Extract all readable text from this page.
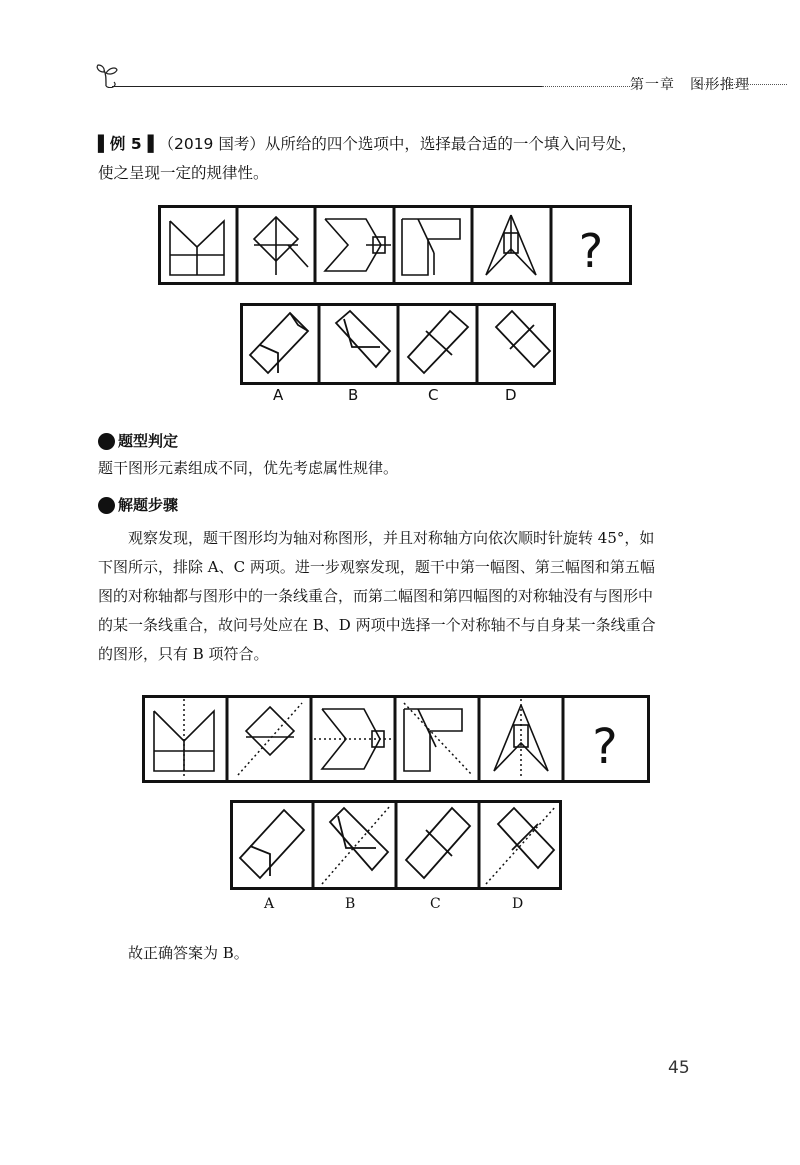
第一章　图形推理
▌例 5▐ （2019 国考）从所给的四个选项中，选择最合适的一个填入问号处，
使之呈现一定的规律性。
?
A	B	C	D
题型判定
题干图形元素组成不同，优先考虑属性规律。
解题步骤
观察发现，题干图形均为轴对称图形，并且对称轴方向依次顺时针旋转 45°，如
下图所示，排除 A、C 两项。进一步观察发现，题干中第一幅图、第三幅图和第五幅
图的对称轴都与图形中的一条线重合，而第二幅图和第四幅图的对称轴没有与图形中
的某一条线重合，故问号处应在 B、D 两项中选择一个对称轴不与自身某一条线重合
的图形，只有 B 项符合。
?
A	B	C	D
故正确答案为 B。
45
